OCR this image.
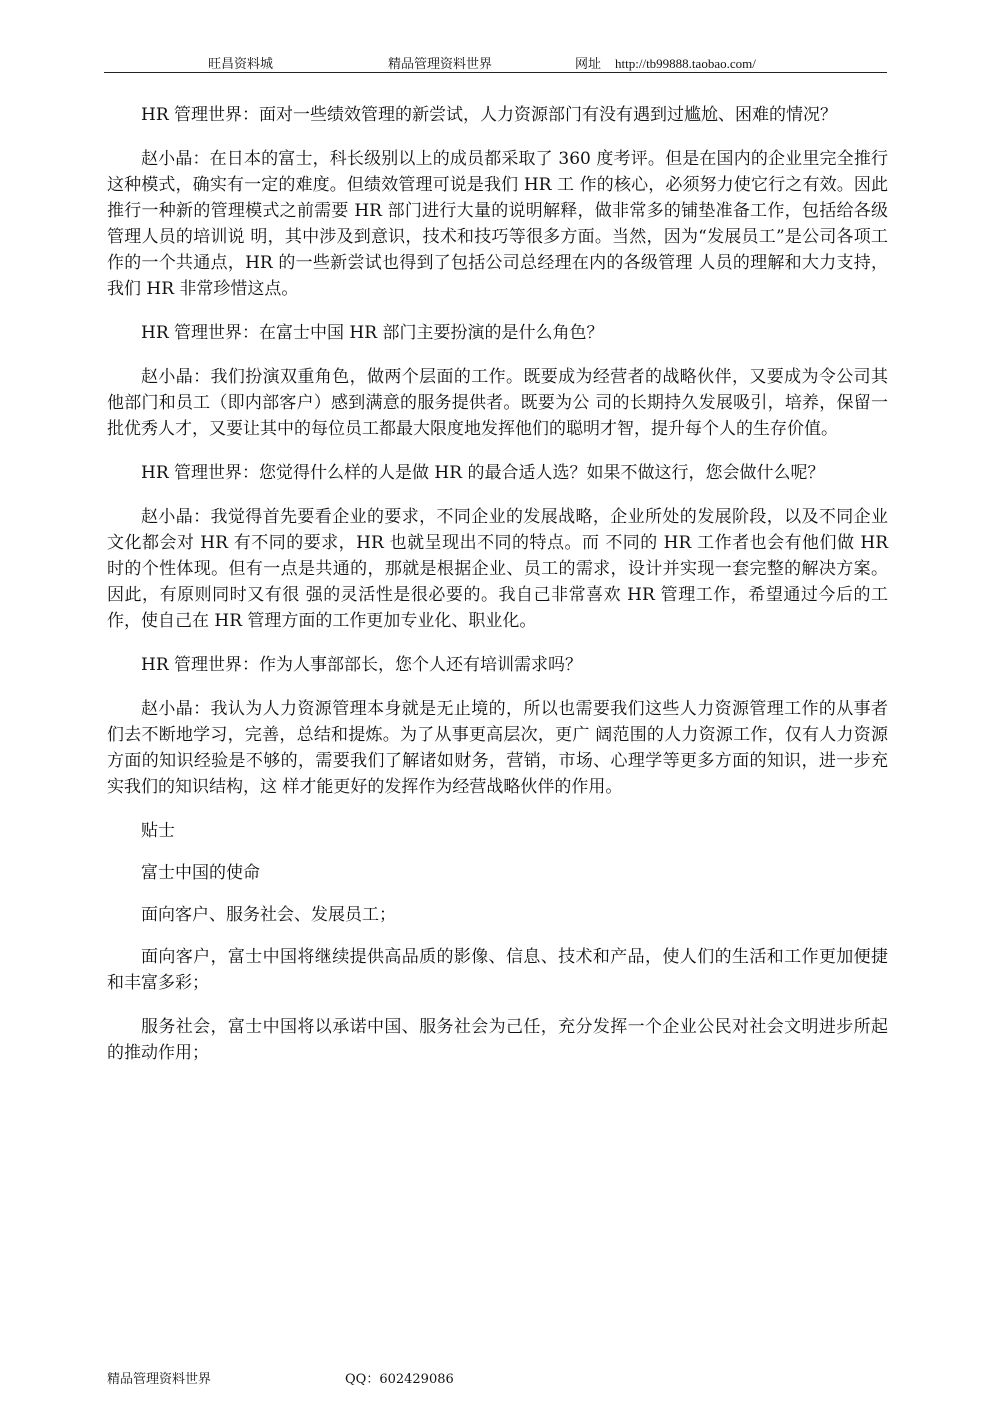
旺昌资料城	精品管理资料世界	网址 http://tb99888.taobao.com/

HR 管理世界：面对一些绩效管理的新尝试，人力资源部门有没有遇到过尴尬、困难的情况？

赵小晶：在日本的富士，科长级别以上的成员都采取了 360 度考评。但是在国内的企业里完全推行这种模式，确实有一定的难度。但绩效管理可说是我们 HR 工 作的核心，必须努力使它行之有效。因此推行一种新的管理模式之前需要 HR 部门进行大量的说明解释，做非常多的铺垫准备工作，包括给各级管理人员的培训说 明，其中涉及到意识，技术和技巧等很多方面。当然，因为“发展员工”是公司各项工作的一个共通点，HR 的一些新尝试也得到了包括公司总经理在内的各级管理 人员的理解和大力支持，我们 HR 非常珍惜这点。

HR 管理世界：在富士中国 HR 部门主要扮演的是什么角色？

赵小晶：我们扮演双重角色，做两个层面的工作。既要成为经营者的战略伙伴，又要成为令公司其他部门和员工（即内部客户）感到满意的服务提供者。既要为公 司的长期持久发展吸引，培养，保留一批优秀人才，又要让其中的每位员工都最大限度地发挥他们的聪明才智，提升每个人的生存价值。

HR 管理世界：您觉得什么样的人是做 HR 的最合适人选？如果不做这行，您会做什么呢？

赵小晶：我觉得首先要看企业的要求，不同企业的发展战略，企业所处的发展阶段，以及不同企业文化都会对 HR 有不同的要求，HR 也就呈现出不同的特点。而 不同的 HR 工作者也会有他们做 HR 时的个性体现。但有一点是共通的，那就是根据企业、员工的需求，设计并实现一套完整的解决方案。因此，有原则同时又有很 强的灵活性是很必要的。我自己非常喜欢 HR 管理工作，希望通过今后的工作，使自己在 HR 管理方面的工作更加专业化、职业化。

HR 管理世界：作为人事部部长，您个人还有培训需求吗？

赵小晶：我认为人力资源管理本身就是无止境的，所以也需要我们这些人力资源管理工作的从事者们去不断地学习，完善，总结和提炼。为了从事更高层次，更广 阔范围的人力资源工作，仅有人力资源方面的知识经验是不够的，需要我们了解诸如财务，营销，市场、心理学等更多方面的知识，进一步充实我们的知识结构，这 样才能更好的发挥作为经营战略伙伴的作用。

贴士

富士中国的使命

面向客户、服务社会、发展员工；

面向客户，富士中国将继续提供高品质的影像、信息、技术和产品，使人们的生活和工作更加便捷和丰富多彩；

服务社会，富士中国将以承诺中国、服务社会为己任，充分发挥一个企业公民对社会文明进步所起的推动作用；

精品管理资料世界	QQ：602429086
